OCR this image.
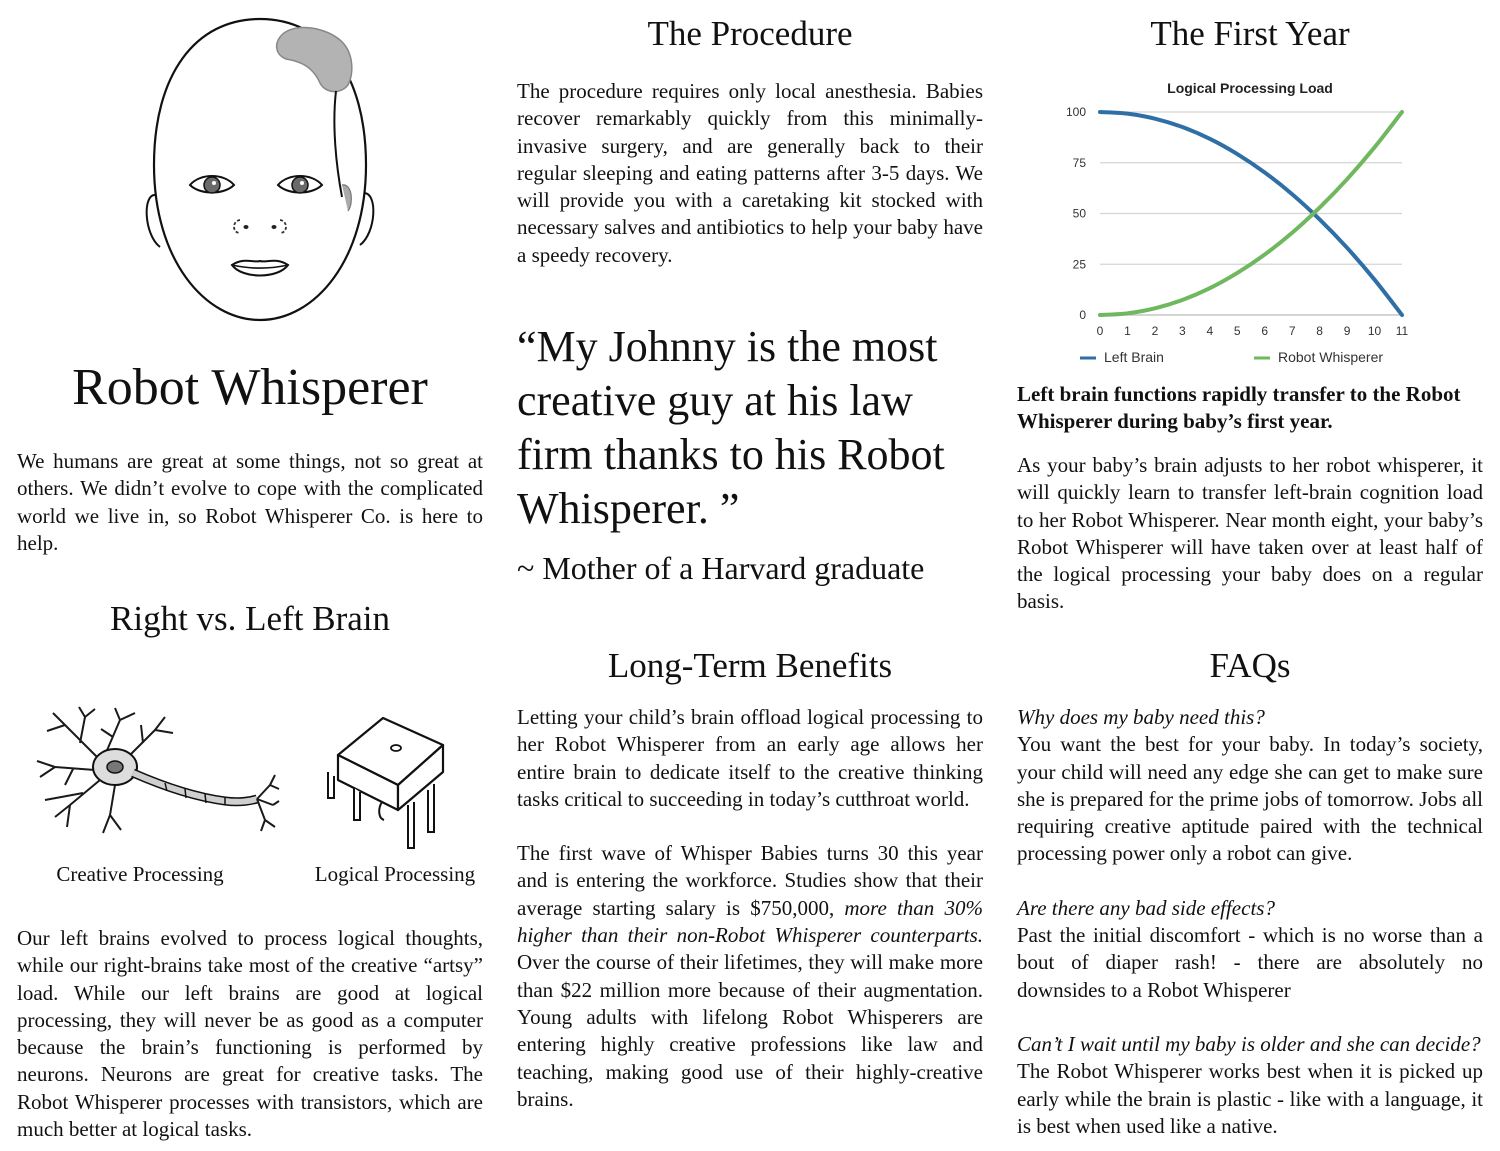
Robot Whisperer
We humans are great at some things, not so great at others. We didn’t evolve to cope with the complicated world we live in, so Robot Whisperer Co. is here to help.
Right vs. Left Brain
Creative Processing	Logical Processing
Our left brains evolved to process logical thoughts, while our right-brains take most of the creative “artsy” load. While our left brains are good at logical processing, they will never be as good as a computer because the brain’s functioning is performed by neurons. Neurons are great for creative tasks. The Robot Whisperer processes with transistors, which are much better at logical tasks.
The Procedure
The procedure requires only local anesthesia. Babies recover remarkably quickly from this minimally-invasive surgery, and are generally back to their regular sleeping and eating patterns after 3-5 days. We will provide you with a caretaking kit stocked with necessary salves and antibiotics to help your baby have a speedy recovery.
“My Johnny is the most creative guy at his law firm thanks to his Robot Whisperer. ”
~ Mother of a Harvard graduate
Long-Term Benefits

Letting your child’s brain offload logical processing to her Robot Whisperer from an early age allows her entire brain to dedicate itself to the creative thinking tasks critical to succeeding in today’s cutthroat world.

The first wave of Whisper Babies turns 30 this year and is entering the workforce. Studies show that their average starting salary is $750,000, more than 30% higher than their non-Robot Whisperer counterparts. Over the course of their lifetimes, they will make more than $22 million more because of their augmentation. Young adults with lifelong Robot Whisperers are entering highly creative professions like law and teaching, making good use of their highly-creative brains.

The First Year
Logical Processing Load
0
25
50
75
100
0 1 2 3 4 5 6 7 8 9 10 11
Left Brain	Robot Whisperer
Left brain functions rapidly transfer to the Robot Whisperer during baby’s first year.
As your baby’s brain adjusts to her robot whisperer, it will quickly learn to transfer left-brain cognition load to her Robot Whisperer. Near month eight, your baby’s Robot Whisperer will have taken over at least half of the logical processing your baby does on a regular basis.
FAQs

Why does my baby need this?

You want the best for your baby. In today’s society, your child will need any edge she can get to make sure she is prepared for the prime jobs of tomorrow. Jobs all requiring creative aptitude paired with the technical processing power only a robot can give.

Are there any bad side effects?

Past the initial discomfort - which is no worse than a bout of diaper rash! - there are absolutely no downsides to a Robot Whisperer

Can’t I wait until my baby is older and she can decide?

The Robot Whisperer works best when it is picked up early while the brain is plastic - like with a language, it is best when used like a native.
